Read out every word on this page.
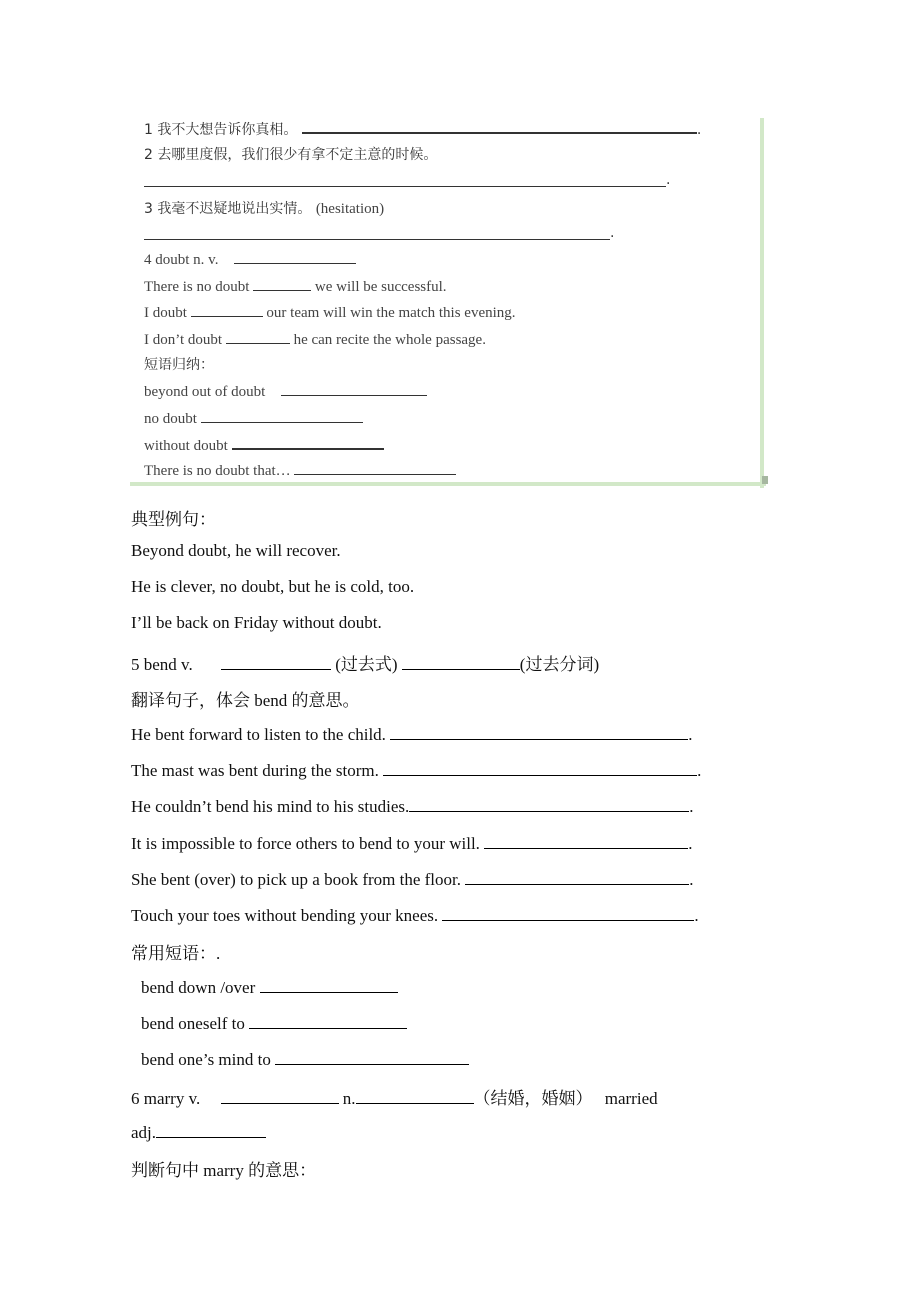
1 我不大想告诉你真相。	.
2 去哪里度假，我们很少有拿不定主意的时候。
.
3 我毫不迟疑地说出实情。 (hesitation)
.
4 doubt n. v.
There is no doubt	we will be successful.
I doubt	our team will win the match this evening.
I don’t doubt	he can recite the whole passage.
短语归纳：
beyond out of doubt
no doubt
without doubt
There is no doubt that…
典型例句：
Beyond doubt, he will recover.
He is clever, no doubt, but he is cold, too.
I’ll be back on Friday without doubt.
5 bend v.	(过去式)	(过去分词)
翻译句子，体会 bend 的意思。
He bent forward to listen to the child.	.
The mast was bent during the storm.	.
He couldn’t bend his mind to his studies.	.
It is impossible to force others to bend to your will.	.
She bent (over) to pick up a book from the floor.	.
Touch your toes without bending your knees.	.
常用短语：.
bend down /over
bend oneself to
bend one’s mind to
6 marry v.	n.	（结婚，婚姻） married
adj.
判断句中 marry 的意思：
